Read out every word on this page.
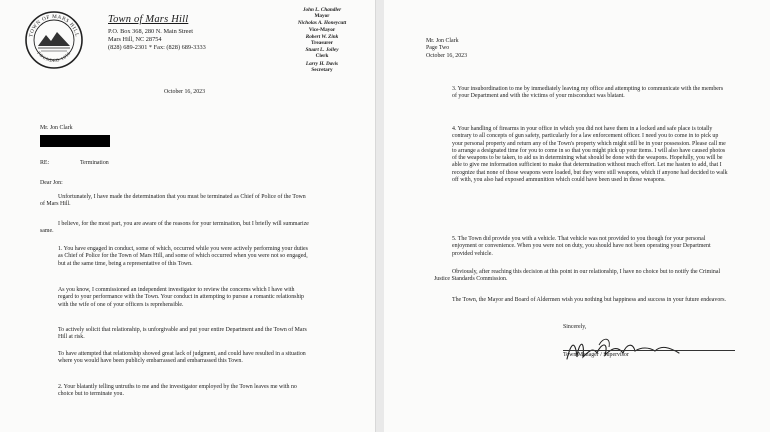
TOWN OF MARS HILL
FOUNDED 1856
Town of Mars Hill
P.O. Box 368, 280 N. Main Street
Mars Hill, NC 28754
(828) 689-2301 * Fax: (828) 689-3333
John L. Chandler
Mayor
Nicholas A. Honeycutt
Vice-Mayor
Robert W. Zink
Treasurer
Stuart L. Jolley
Clerk
Larry H. Davis
Secretary
October 16, 2023
Mr. Jon Clark
RE:	Termination
Dear Jon:
Unfortunately, I have made the determination that you must be terminated as Chief of Police of the Town of Mars Hill.
I believe, for the most part, you are aware of the reasons for your termination, but I briefly will summarize same.
1. You have engaged in conduct, some of which, occurred while you were actively performing your duties as Chief of Police for the Town of Mars Hill, and some of which occurred when you were not so engaged, but at the same time, being a representative of this Town.
As you know, I commissioned an independent investigator to review the concerns which I have with regard to your performance with the Town. Your conduct in attempting to pursue a romantic relationship with the wife of one of your officers is reprehensible.
To actively solicit that relationship, is unforgivable and put your entire Department and the Town of Mars Hill at risk.
To have attempted that relationship showed great lack of judgment, and could have resulted in a situation where you would have been publicly embarrassed and embarrassed this Town.
2. Your blatantly telling untruths to me and the investigator employed by the Town leaves me with no choice but to terminate you.
Mr. Jon Clark
Page Two
October 16, 2023
3. Your insubordination to me by immediately leaving my office and attempting to communicate with the members of your Department and with the victims of your misconduct was blatant.
4. Your handling of firearms in your office in which you did not have them in a locked and safe place is totally contrary to all concepts of gun safety, particularly for a law enforcement officer. I need you to come in to pick up your personal property and return any of the Town's property which might still be in your possession. Please call me to arrange a designated time for you to come in so that you might pick up your items. I will also have caused photos of the weapons to be taken, to aid us in determining what should be done with the weapons. Hopefully, you will be able to give me information sufficient to make that determination without much effort. Let me hasten to add, that I recognize that none of those weapons were loaded, but they were still weapons, which if anyone had decided to walk off with, you also had exposed ammunition which could have been used in those weapons.
5. The Town did provide you with a vehicle. That vehicle was not provided to you though for your personal enjoyment or convenience. When you were not on duty, you should have not been operating your Department provided vehicle.
Obviously, after reaching this decision at this point in our relationship, I have no choice but to notify the Criminal Justice Standards Commission.
The Town, the Mayor and Board of Aldermen wish you nothing but happiness and success in your future endeavors.
Sincerely,
Town Manager / Supervisor
